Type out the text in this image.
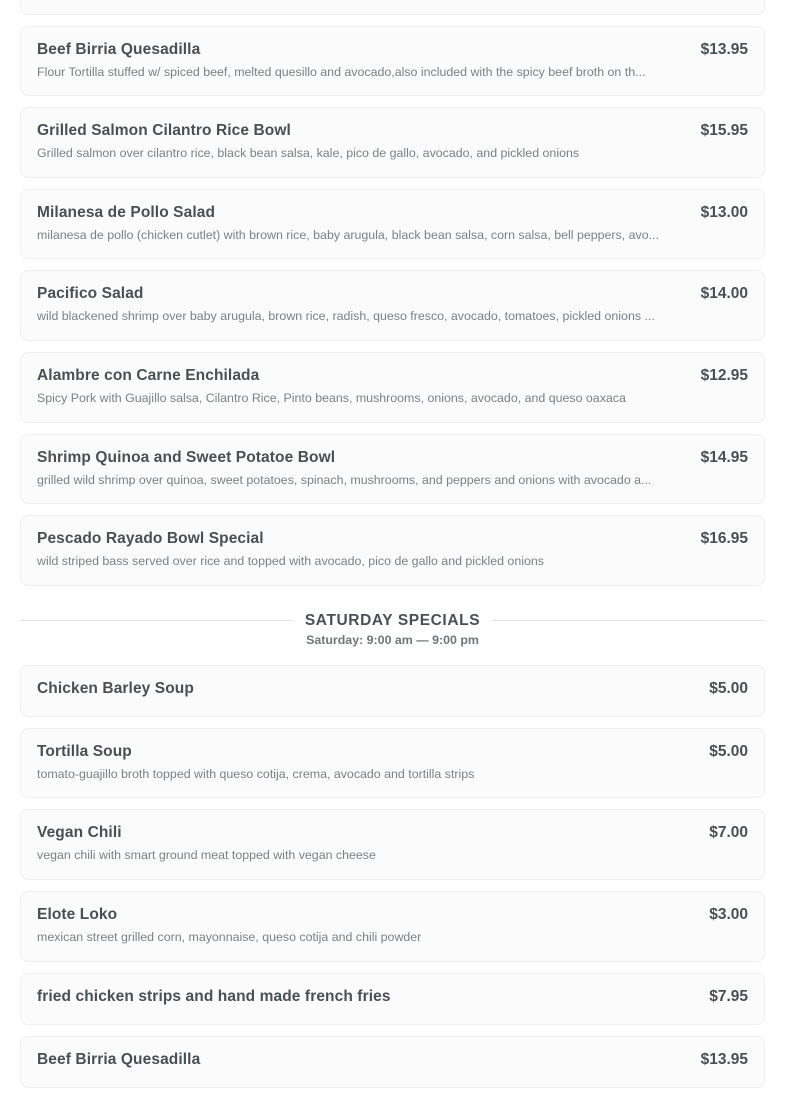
Beef Birria Quesadilla	$13.95
Flour Tortilla stuffed w/ spiced beef, melted quesillo and avocado,also included with the spicy beef broth on th...
Grilled Salmon Cilantro Rice Bowl	$15.95
Grilled salmon over cilantro rice, black bean salsa, kale, pico de gallo, avocado, and pickled onions
Milanesa de Pollo Salad	$13.00
milanesa de pollo (chicken cutlet) with brown rice, baby arugula, black bean salsa, corn salsa, bell peppers, avo...
Pacifico Salad	$14.00
wild blackened shrimp over baby arugula, brown rice, radish, queso fresco, avocado, tomatoes, pickled onions ...
Alambre con Carne Enchilada	$12.95
Spicy Pork with Guajillo salsa, Cilantro Rice, Pinto beans, mushrooms, onions, avocado, and queso oaxaca
Shrimp Quinoa and Sweet Potatoe Bowl	$14.95
grilled wild shrimp over quinoa, sweet potatoes, spinach, mushrooms, and peppers and onions with avocado a...
Pescado Rayado Bowl Special	$16.95
wild striped bass served over rice and topped with avocado, pico de gallo and pickled onions
SATURDAY SPECIALS
Saturday: 9:00 am — 9:00 pm
Chicken Barley Soup	$5.00
Tortilla Soup	$5.00
tomato-guajillo broth topped with queso cotija, crema, avocado and tortilla strips
Vegan Chili	$7.00
vegan chili with smart ground meat topped with vegan cheese
Elote Loko	$3.00
mexican street grilled corn, mayonnaise, queso cotija and chili powder
fried chicken strips and hand made french fries	$7.95
Beef Birria Quesadilla	$13.95
